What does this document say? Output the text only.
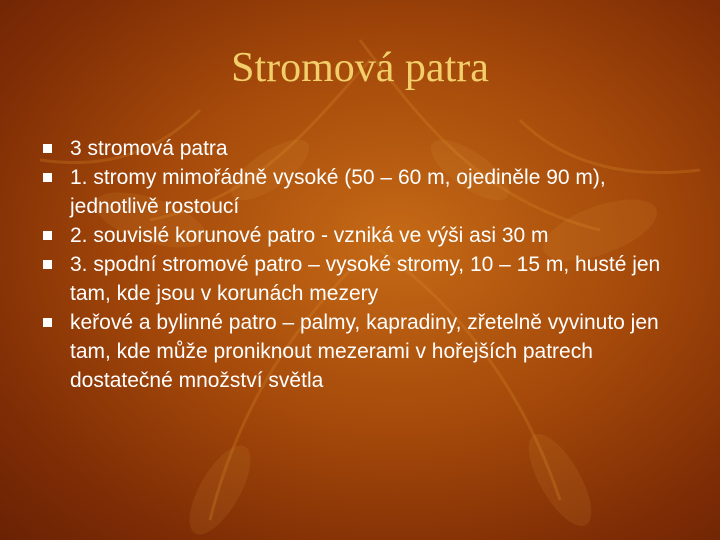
Stromová patra
3 stromová patra
1. stromy mimořádně vysoké (50 – 60 m, ojediněle 90 m), jednotlivě rostoucí
2. souvislé korunové patro - vzniká ve výši asi 30 m
3. spodní stromové patro – vysoké stromy, 10 – 15 m, husté jen tam, kde jsou v korunách mezery
keřové a bylinné patro – palmy, kapradiny, zřetelně vyvinuto jen tam, kde může proniknout mezerami v hořejších patrech dostatečné množství světla
